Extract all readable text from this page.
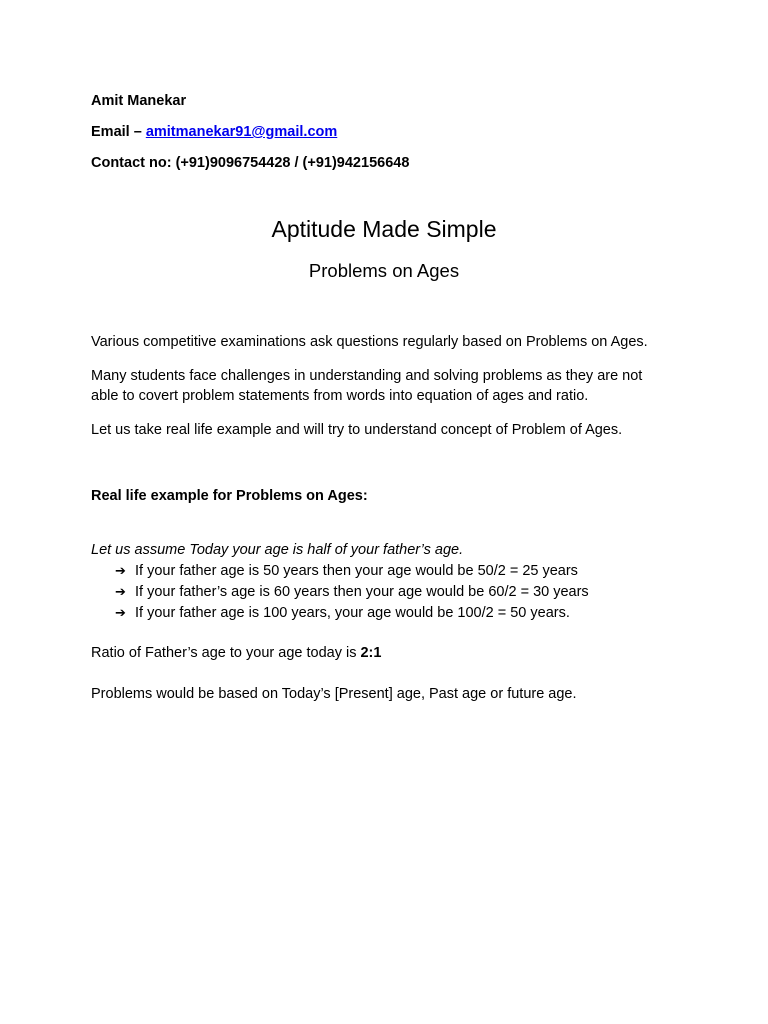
Amit Manekar
Email – amitmanekar91@gmail.com
Contact no: (+91)9096754428 / (+91)942156648
Aptitude Made Simple
Problems on Ages
Various competitive examinations ask questions regularly based on Problems on Ages.
Many students face challenges in understanding and solving problems as they are not
able to covert problem statements from words into equation of ages and ratio.
Let us take real life example and will try to understand concept of Problem of Ages.
Real life example for Problems on Ages:
Let us assume Today your age is half of your father’s age.
➔ If your father age is 50 years then your age would be 50/2 = 25 years
➔ If your father’s age is 60 years then your age would be 60/2 = 30 years
➔ If your father age is 100 years, your age would be 100/2 = 50 years.
Ratio of Father’s age to your age today is 2:1
Problems would be based on Today’s [Present] age, Past age or future age.
